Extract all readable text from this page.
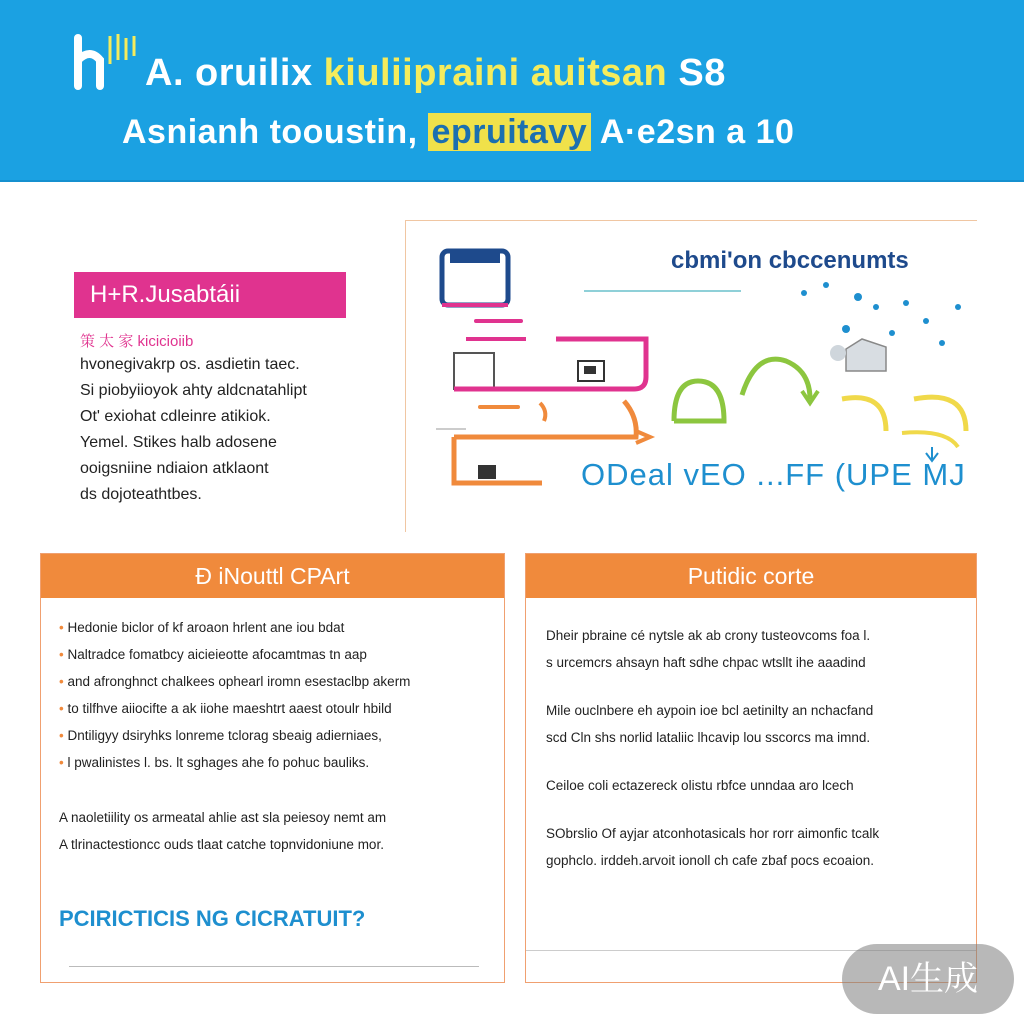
A. oruilix kiuliipraini auitsan S8
Asnianh tooustin, epruitavy A·e2sn a 10
H+R.Jusabtáii
策 太 家 kicicioiib
hvonegivakrp os. asdietin taec.
Si piobyiioyok ahty aldcnatahlipt
Ot' exiohat cdleinre atikiok.
Yemel. Stikes halb adosene
ooigsniine ndiaion atklaont
ds dojoteathtbes.
cbmi'on cbccenumts
ODeal vEO ...FF (UPE MJ
Ð iNouttl CPArt
• Hedonie biclor of kf aroaon hrlent ane iou bdat
• Naltradce fomatbcy aicieieotte afocamtmas tn aap
• and afronghnct chalkees ophearl iromn esestaclbp akerm
• to tilfhve aiiocifte a ak iiohe maeshtrt aaest otoulr hbild
• Dntiligyy dsiryhks lonreme tclorag sbeaig adierniaes,
• l pwalinistes l. bs. lt sghages ahe fo pohuc bauliks.
A naoletiility os armeatal ahlie ast sla peiesoy nemt am
A tlrinactestioncc ouds tlaat catche topnvidoniune mor.
PCIRICTICIS NG CICRATUIT?
Putidic corte
Dheir pbraine cé nytsle ak ab crony tusteovcoms foa l.
s urcemcrs ahsayn haft sdhe chpac wtsllt ihe aaadind
Mile ouclnbere eh aypoin ioe bcl aetinilty an nchacfand
scd Cln shs norlid lataliic lhcavip lou sscorcs ma imnd.
Ceiloe coli ectazereck olistu rbfce unndaa aro lcech
SObrslio Of ayjar atconhotasicals hor rorr aimonfic tcalk
gophclo. irddeh.arvoit ionoll ch cafe zbaf pocs ecoaion.
AI生成
